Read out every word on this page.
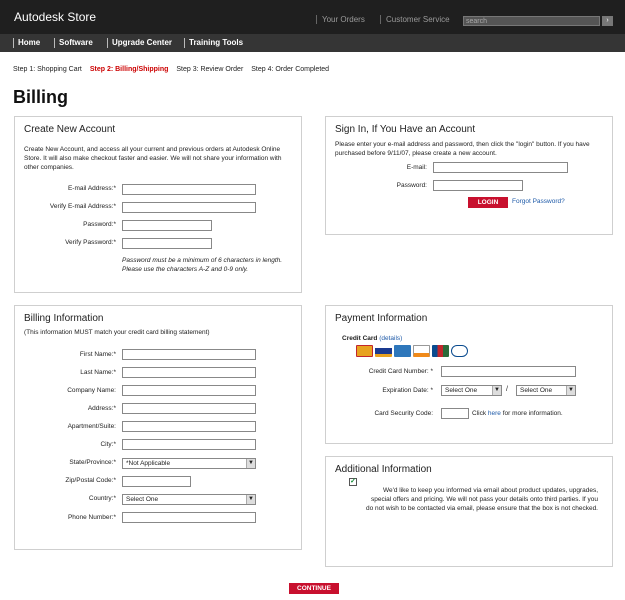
Autodesk Store	Your Orders	Customer Service	search	›
Home	Software	Upgrade Center	Training Tools
Step 1: Shopping Cart Step 2: Billing/Shipping Step 3: Review Order Step 4: Order Completed
Billing
Create New Account
Create New Account, and access all your current and previous orders at Autodesk Online Store. It will also make checkout faster and easier. We will not share your information with other companies.
E-mail Address:*
Verify E-mail Address:*
Password:*
Verify Password:*
Password must be a minimum of 6 characters in length. Please use the characters A-Z and 0-9 only.
Sign In, If You Have an Account
Please enter your e-mail address and password, then click the "login" button. If you have purchased before 9/11/07, please create a new account.
E-mail:
Password:
LOGIN	Forgot Password?
Billing Information
(This information MUST match your credit card billing statement)
First Name:*
Last Name:*
Company Name:
Address:*
Apartment/Suite:
City:*
State/Province:*	*Not Applicable	▼
Zip/Postal Code:*
Country:*	Select One	▼
Phone Number:*
Payment Information
Credit Card (details)
Credit Card Number: *
Expiration Date: *	Select One	▼ /	Select One	▼
Card Security Code:	Click here for more information.
Additional Information
✓
We'd like to keep you informed via email about product updates, upgrades, special offers and pricing. We will not pass your details onto third parties. If you do not wish to be contacted via email, please ensure that the box is not checked.
CONTINUE
